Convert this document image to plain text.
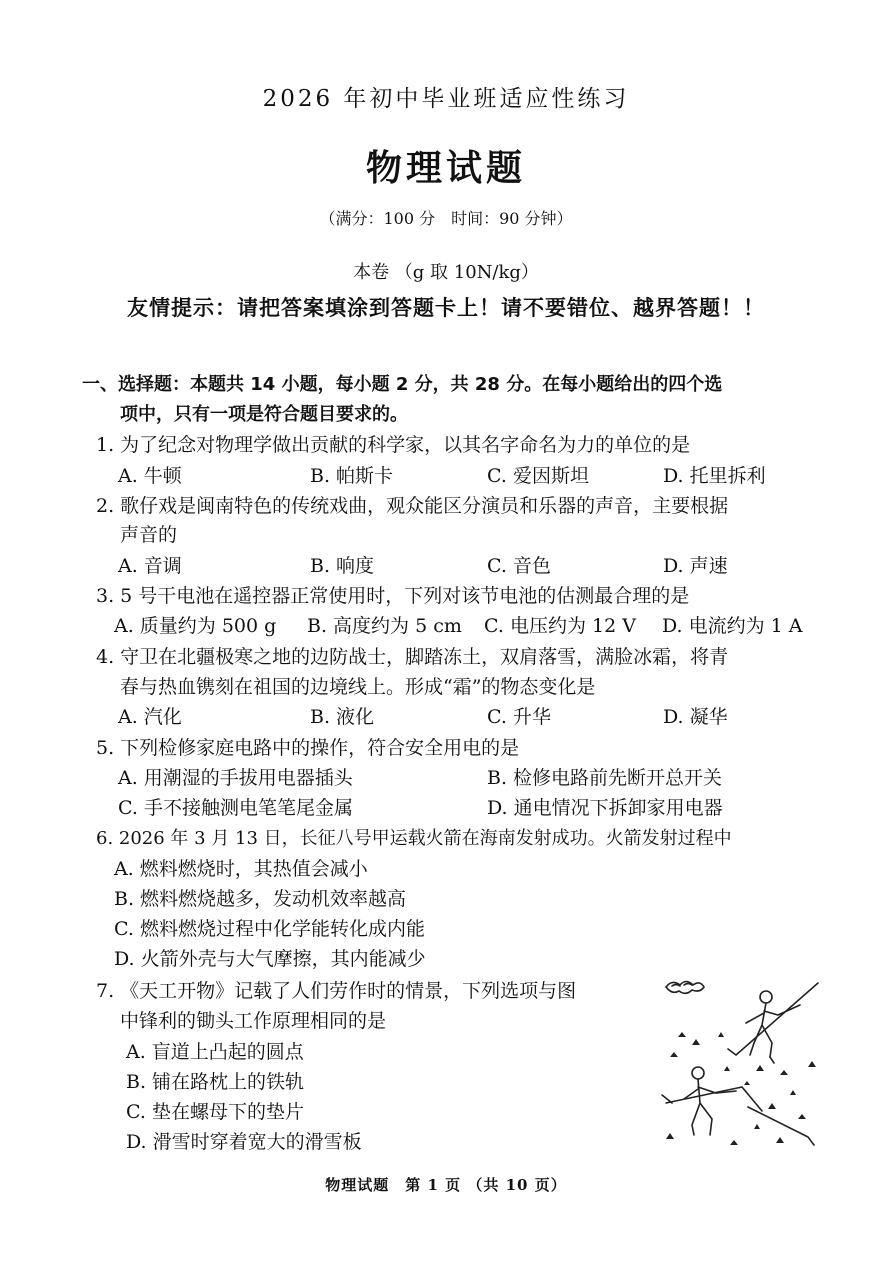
2026 年初中毕业班适应性练习
物理试题
（满分：100 分　时间：90 分钟）
本卷 （g 取 10N/kg）
友情提示：请把答案填涂到答题卡上！请不要错位、越界答题！！
一、选择题：本题共 14 小题，每小题 2 分，共 28 分。在每小题给出的四个选
项中，只有一项是符合题目要求的。
1. 为了纪念对物理学做出贡献的科学家，以其名字命名为力的单位的是
A. 牛顿	B. 帕斯卡	C. 爱因斯坦	D. 托里拆利
2. 歌仔戏是闽南特色的传统戏曲，观众能区分演员和乐器的声音，主要根据
声音的
A. 音调	B. 响度	C. 音色	D. 声速
3. 5 号干电池在遥控器正常使用时，下列对该节电池的估测最合理的是
A. 质量约为 500 g B. 高度约为 5 cm C. 电压约为 12 V D. 电流约为 1 A
4. 守卫在北疆极寒之地的边防战士，脚踏冻土，双肩落雪，满脸冰霜，将青
春与热血镌刻在祖国的边境线上。形成“霜”的物态变化是
A. 汽化	B. 液化	C. 升华	D. 凝华
5. 下列检修家庭电路中的操作，符合安全用电的是
A. 用潮湿的手拔用电器插头	B. 检修电路前先断开总开关
C. 手不接触测电笔笔尾金属	D. 通电情况下拆卸家用电器
6. 2026 年 3 月 13 日，长征八号甲运载火箭在海南发射成功。火箭发射过程中
A. 燃料燃烧时，其热值会减小
B. 燃料燃烧越多，发动机效率越高
C. 燃料燃烧过程中化学能转化成内能
D. 火箭外壳与大气摩擦，其内能减少
7. 《天工开物》记载了人们劳作时的情景，下列选项与图
中锋利的锄头工作原理相同的是
A. 盲道上凸起的圆点
B. 铺在路枕上的铁轨
C. 垫在螺母下的垫片
D. 滑雪时穿着宽大的滑雪板
物理试题　第 1 页 （共 10 页）
